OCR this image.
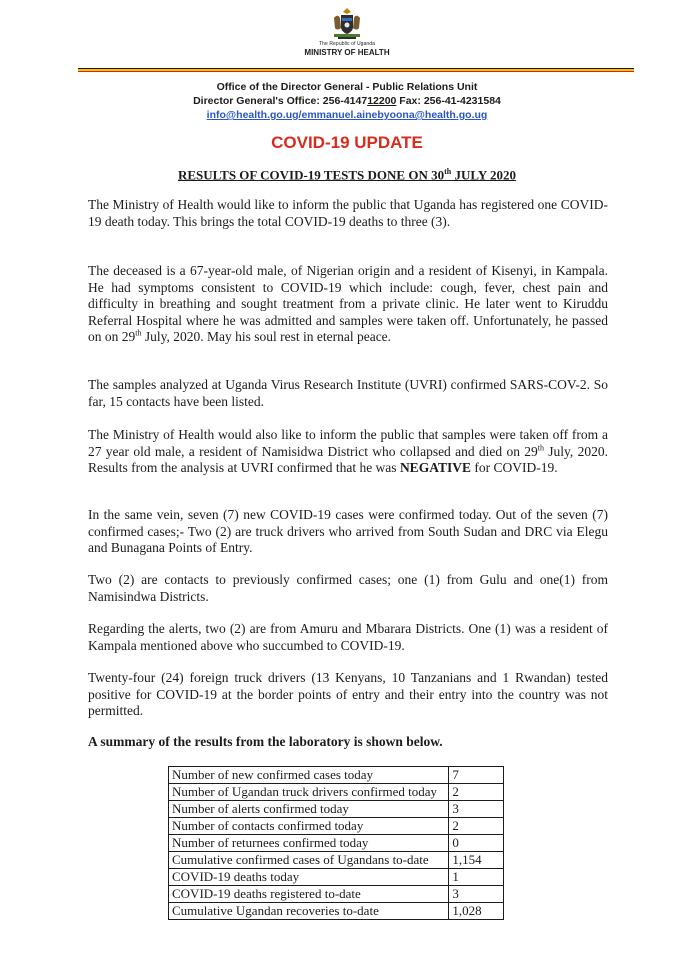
The Republic of Uganda
MINISTRY OF HEALTH
Office of the Director General - Public Relations Unit
Director General's Office: 256-414712200 Fax: 256-41-4231584
info@health.go.ug/emmanuel.ainebyoona@health.go.ug
COVID-19 UPDATE
RESULTS OF COVID-19 TESTS DONE ON 30th JULY 2020

The Ministry of Health would like to inform the public that Uganda has registered one COVID-19 death today. This brings the total COVID-19 deaths to three (3).

The deceased is a 67-year-old male, of Nigerian origin and a resident of Kisenyi, in Kampala. He had symptoms consistent to COVID-19 which include: cough, fever, chest pain and difficulty in breathing and sought treatment from a private clinic. He later went to Kiruddu Referral Hospital where he was admitted and samples were taken off. Unfortunately, he passed on on 29th July, 2020. May his soul rest in eternal peace.

The samples analyzed at Uganda Virus Research Institute (UVRI) confirmed SARS-COV-2. So far, 15 contacts have been listed.

The Ministry of Health would also like to inform the public that samples were taken off from a 27 year old male, a resident of Namisidwa District who collapsed and died on 29th July, 2020. Results from the analysis at UVRI confirmed that he was NEGATIVE for COVID-19.

In the same vein, seven (7) new COVID-19 cases were confirmed today. Out of the seven (7) confirmed cases;- Two (2) are truck drivers who arrived from South Sudan and DRC via Elegu and Bunagana Points of Entry.

Two (2) are contacts to previously confirmed cases; one (1) from Gulu and one(1) from Namisindwa Districts.

Regarding the alerts, two (2) are from Amuru and Mbarara Districts. One (1) was a resident of Kampala mentioned above who succumbed to COVID-19.

Twenty-four (24) foreign truck drivers (13 Kenyans, 10 Tanzanians and 1 Rwandan) tested positive for COVID-19 at the border points of entry and their entry into the country was not permitted.

A summary of the results from the laboratory is shown below.

Number of new confirmed cases today	7
Number of Ugandan truck drivers confirmed today	2
Number of alerts confirmed today	3
Number of contacts confirmed today	2
Number of returnees confirmed today	0
Cumulative confirmed cases of Ugandans to-date	1,154
COVID-19 deaths today	1
COVID-19 deaths registered to-date	3
Cumulative Ugandan recoveries to-date	1,028
